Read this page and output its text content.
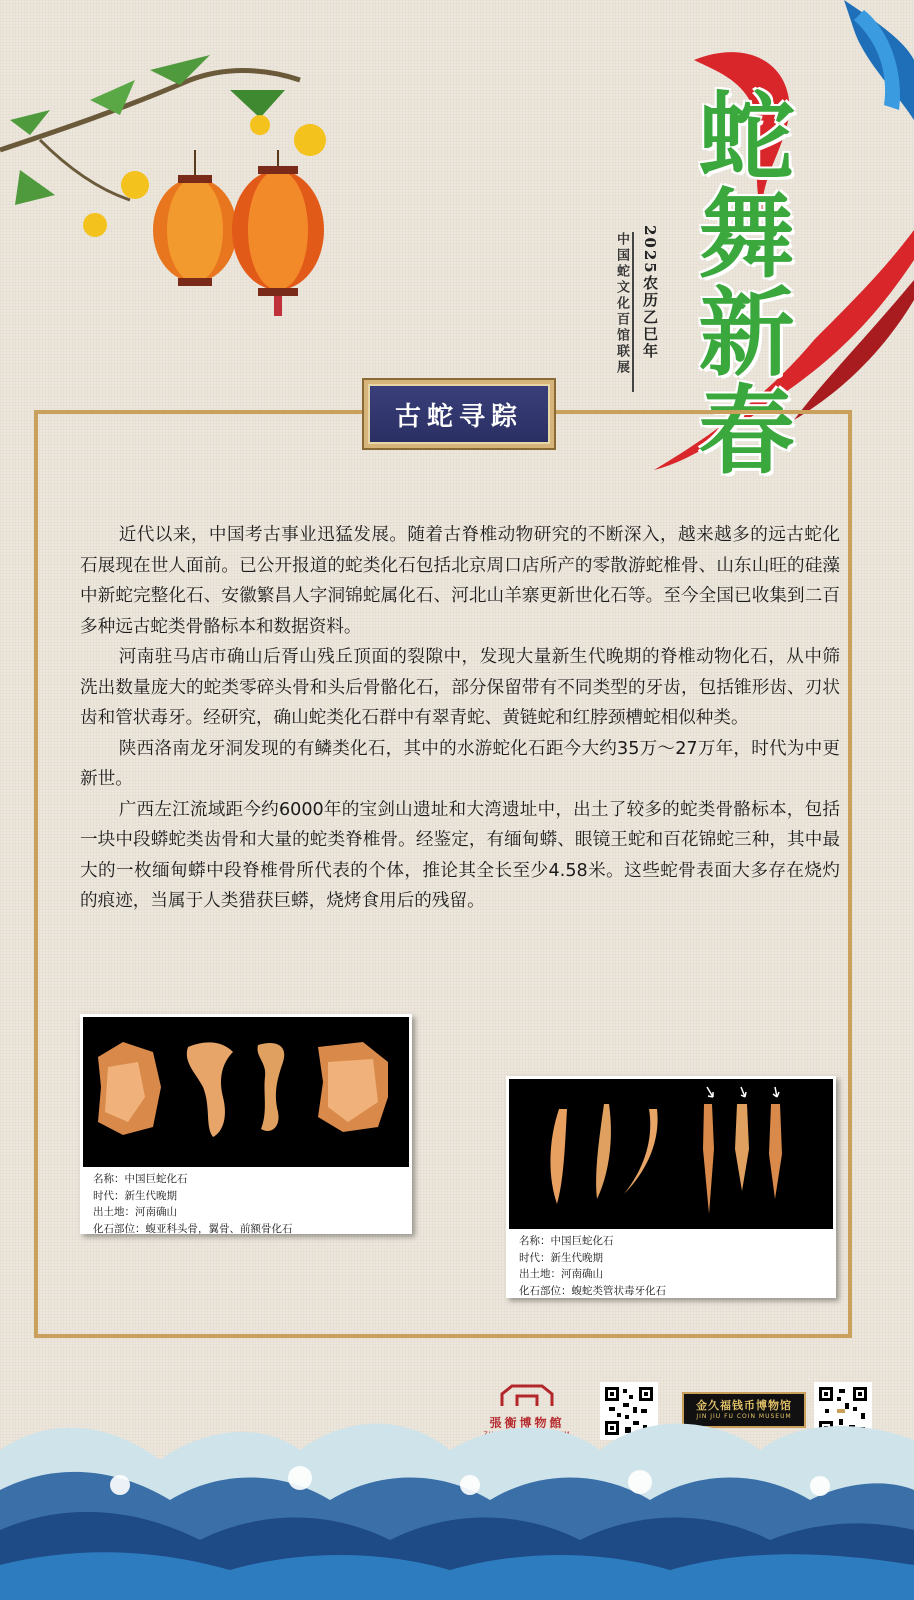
蛇舞新春
2025农历乙巳年
中国蛇文化百馆联展
古蛇寻踪

近代以来，中国考古事业迅猛发展。随着古脊椎动物研究的不断深入，越来越多的远古蛇化石展现在世人面前。已公开报道的蛇类化石包括北京周口店所产的零散游蛇椎骨、山东山旺的硅藻中新蛇完整化石、安徽繁昌人字洞锦蛇属化石、河北山羊寨更新世化石等。至今全国已收集到二百多种远古蛇类骨骼标本和数据资料。

河南驻马店市确山后胥山残丘顶面的裂隙中，发现大量新生代晚期的脊椎动物化石，从中筛洗出数量庞大的蛇类零碎头骨和头后骨骼化石，部分保留带有不同类型的牙齿，包括锥形齿、刃状齿和管状毒牙。经研究，确山蛇类化石群中有翠青蛇、黄链蛇和红脖颈槽蛇相似种类。

陕西洛南龙牙洞发现的有鳞类化石，其中的水游蛇化石距今大约35万～27万年，时代为中更新世。

广西左江流域距今约6000年的宝剑山遗址和大湾遗址中，出土了较多的蛇类骨骼标本，包括一块中段蟒蛇类齿骨和大量的蛇类脊椎骨。经鉴定，有缅甸蟒、眼镜王蛇和百花锦蛇三种，其中最大的一枚缅甸蟒中段脊椎骨所代表的个体，推论其全长至少4.58米。这些蛇骨表面大多存在烧灼的痕迹，当属于人类猎获巨蟒，烧烤食用后的残留。

名称：中国巨蛇化石
时代：新生代晚期
出土地：河南确山
化石部位：蝮亚科头骨，翼骨、前额骨化石
名称：中国巨蛇化石
时代：新生代晚期
出土地：河南确山
化石部位：蝮蛇类管状毒牙化石
張衡博物館
金久福钱币博物馆
JIN JIU FU COIN MUSEUM
